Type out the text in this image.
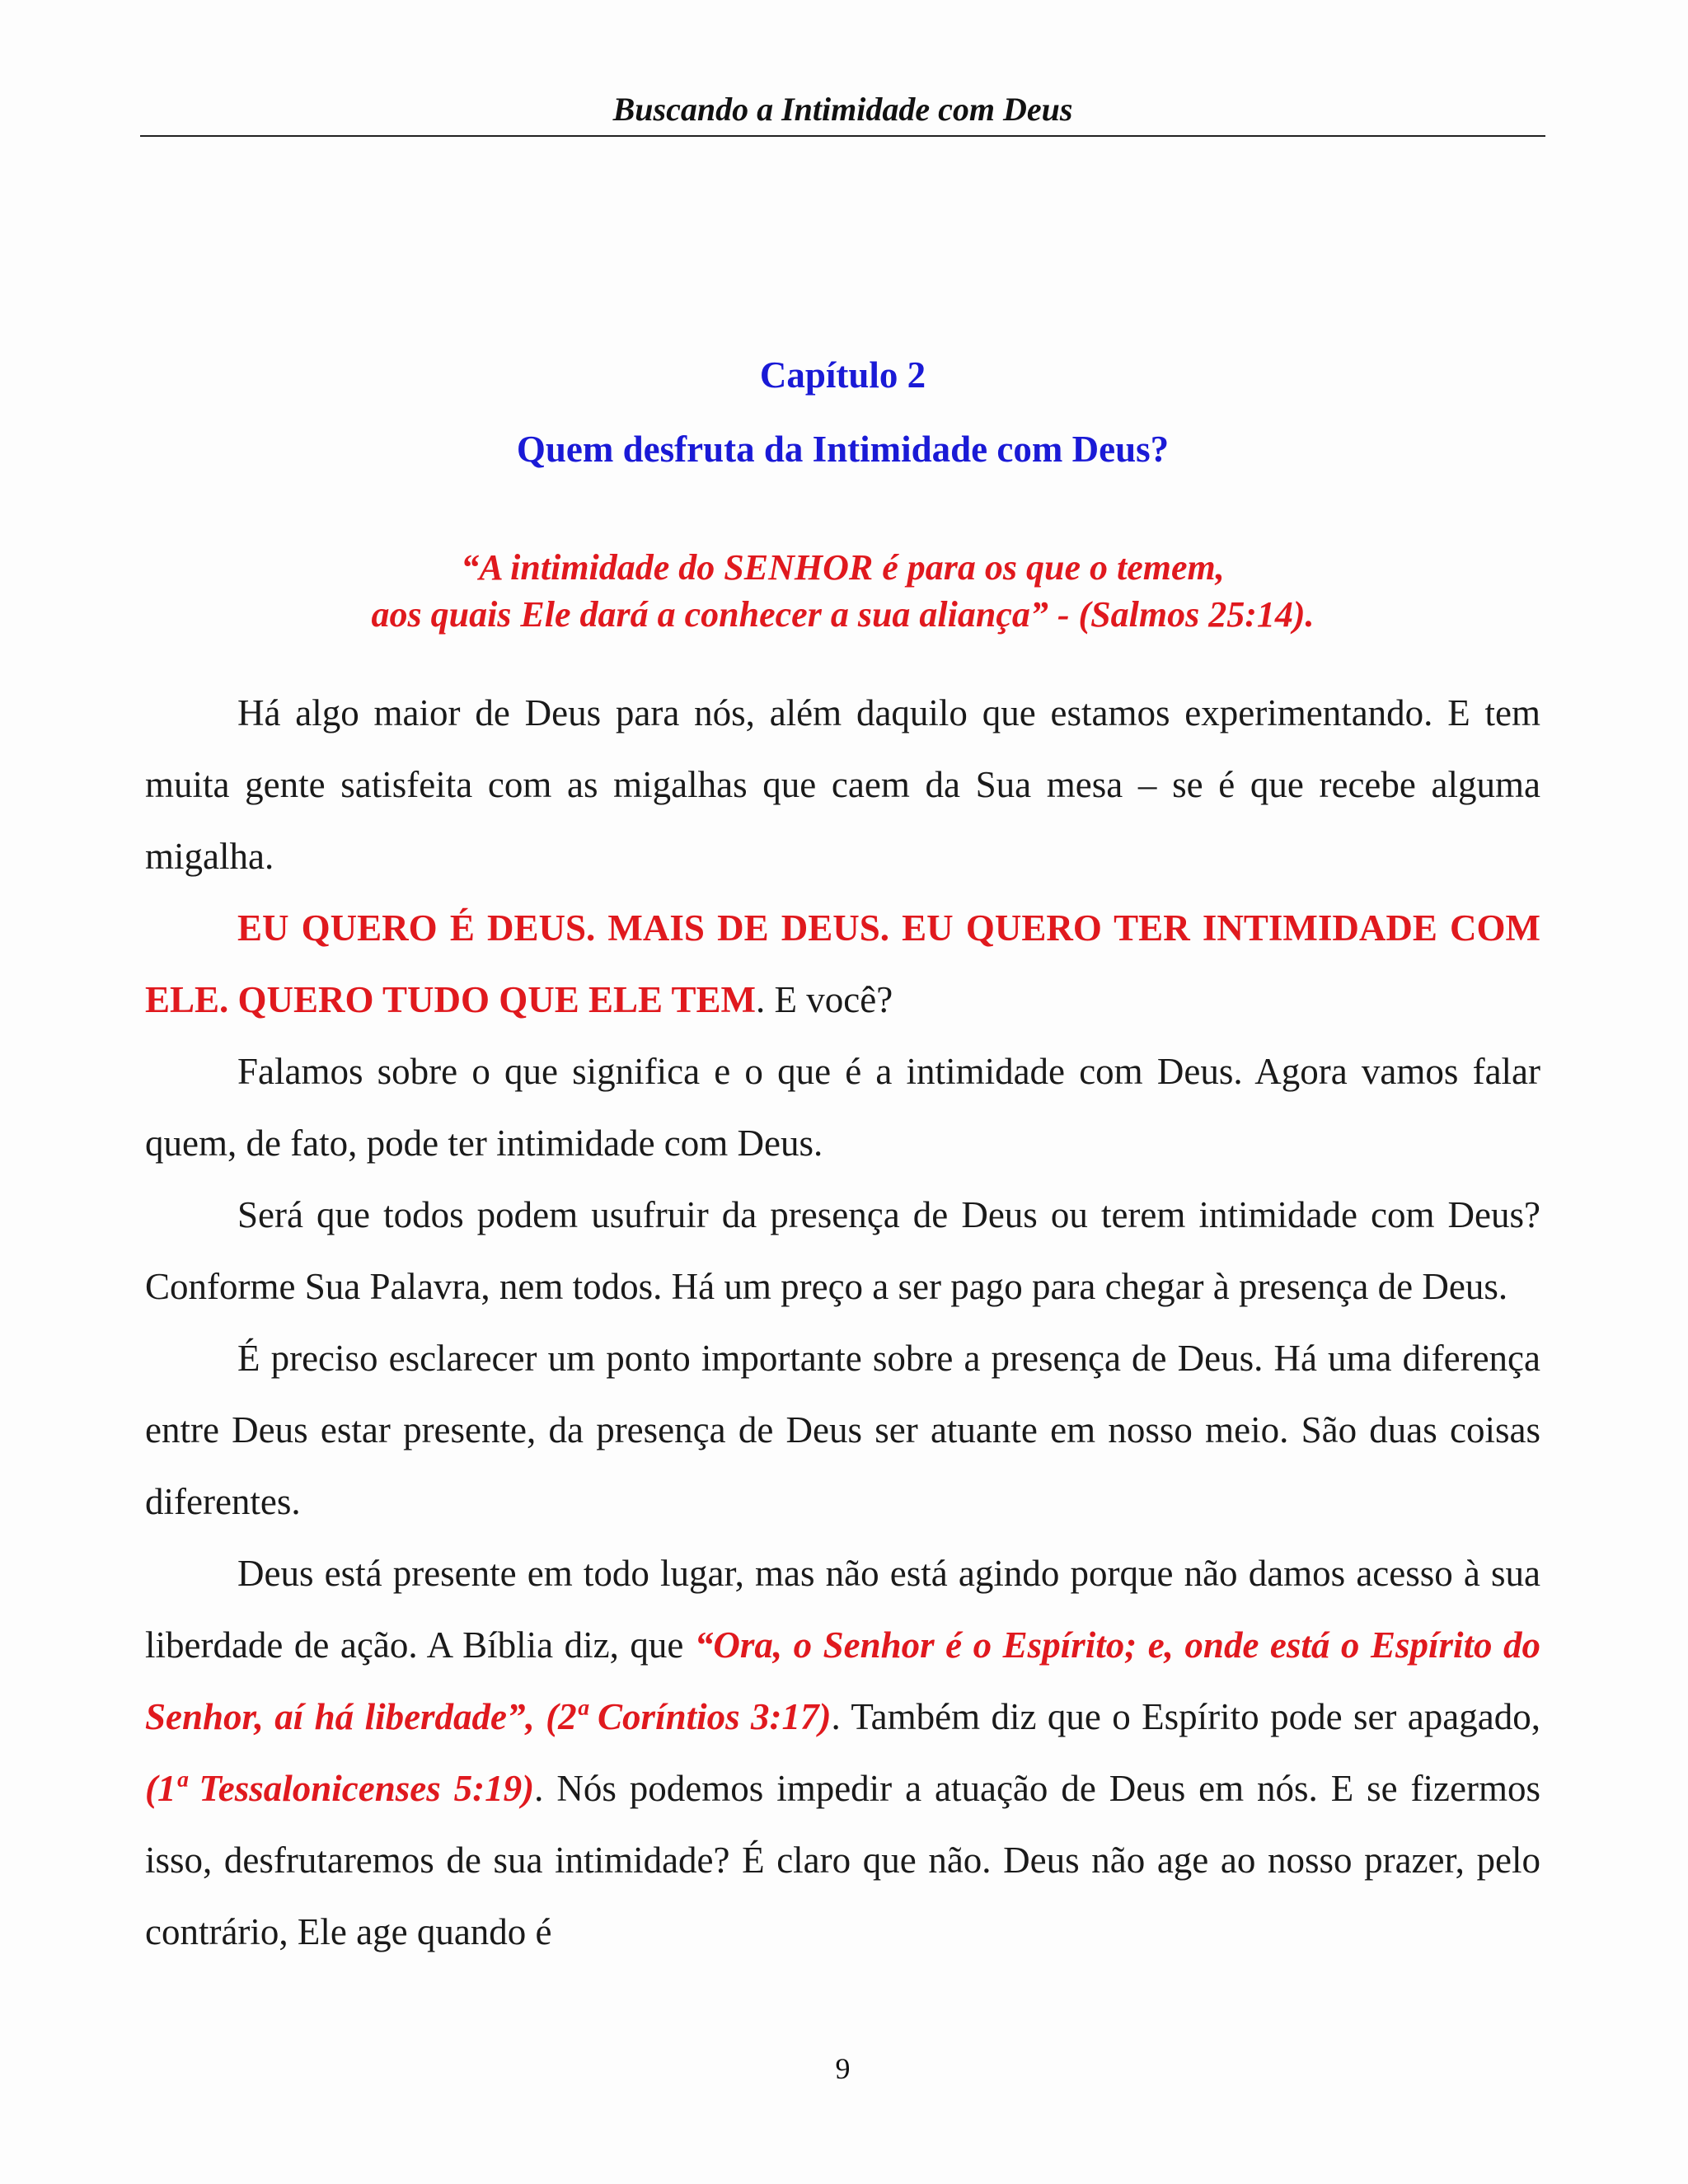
Buscando a Intimidade com Deus
Capítulo 2
Quem desfruta da Intimidade com Deus?
“A intimidade do SENHOR é para os que o temem,
aos quais Ele dará a conhecer a sua aliança” - (Salmos 25:14).

Há algo maior de Deus para nós, além daquilo que estamos experimentando. E tem muita gente satisfeita com as migalhas que caem da Sua mesa – se é que recebe alguma migalha.

EU QUERO É DEUS. MAIS DE DEUS. EU QUERO TER INTIMIDADE COM ELE. QUERO TUDO QUE ELE TEM. E você?

Falamos sobre o que significa e o que é a intimidade com Deus. Agora vamos falar quem, de fato, pode ter intimidade com Deus.

Será que todos podem usufruir da presença de Deus ou terem intimidade com Deus? Conforme Sua Palavra, nem todos. Há um preço a ser pago para chegar à presença de Deus.

É preciso esclarecer um ponto importante sobre a presença de Deus. Há uma diferença entre Deus estar presente, da presença de Deus ser atuante em nosso meio. São duas coisas diferentes.

Deus está presente em todo lugar, mas não está agindo porque não damos acesso à sua liberdade de ação. A Bíblia diz, que “Ora, o Senhor é o Espírito; e, onde está o Espírito do Senhor, aí há liberdade”, (2ª Coríntios 3:17). Também diz que o Espírito pode ser apagado, (1ª Tessalonicenses 5:19). Nós podemos impedir a atuação de Deus em nós. E se fizermos isso, desfrutaremos de sua intimidade? É claro que não. Deus não age ao nosso prazer, pelo contrário, Ele age quando é

9
